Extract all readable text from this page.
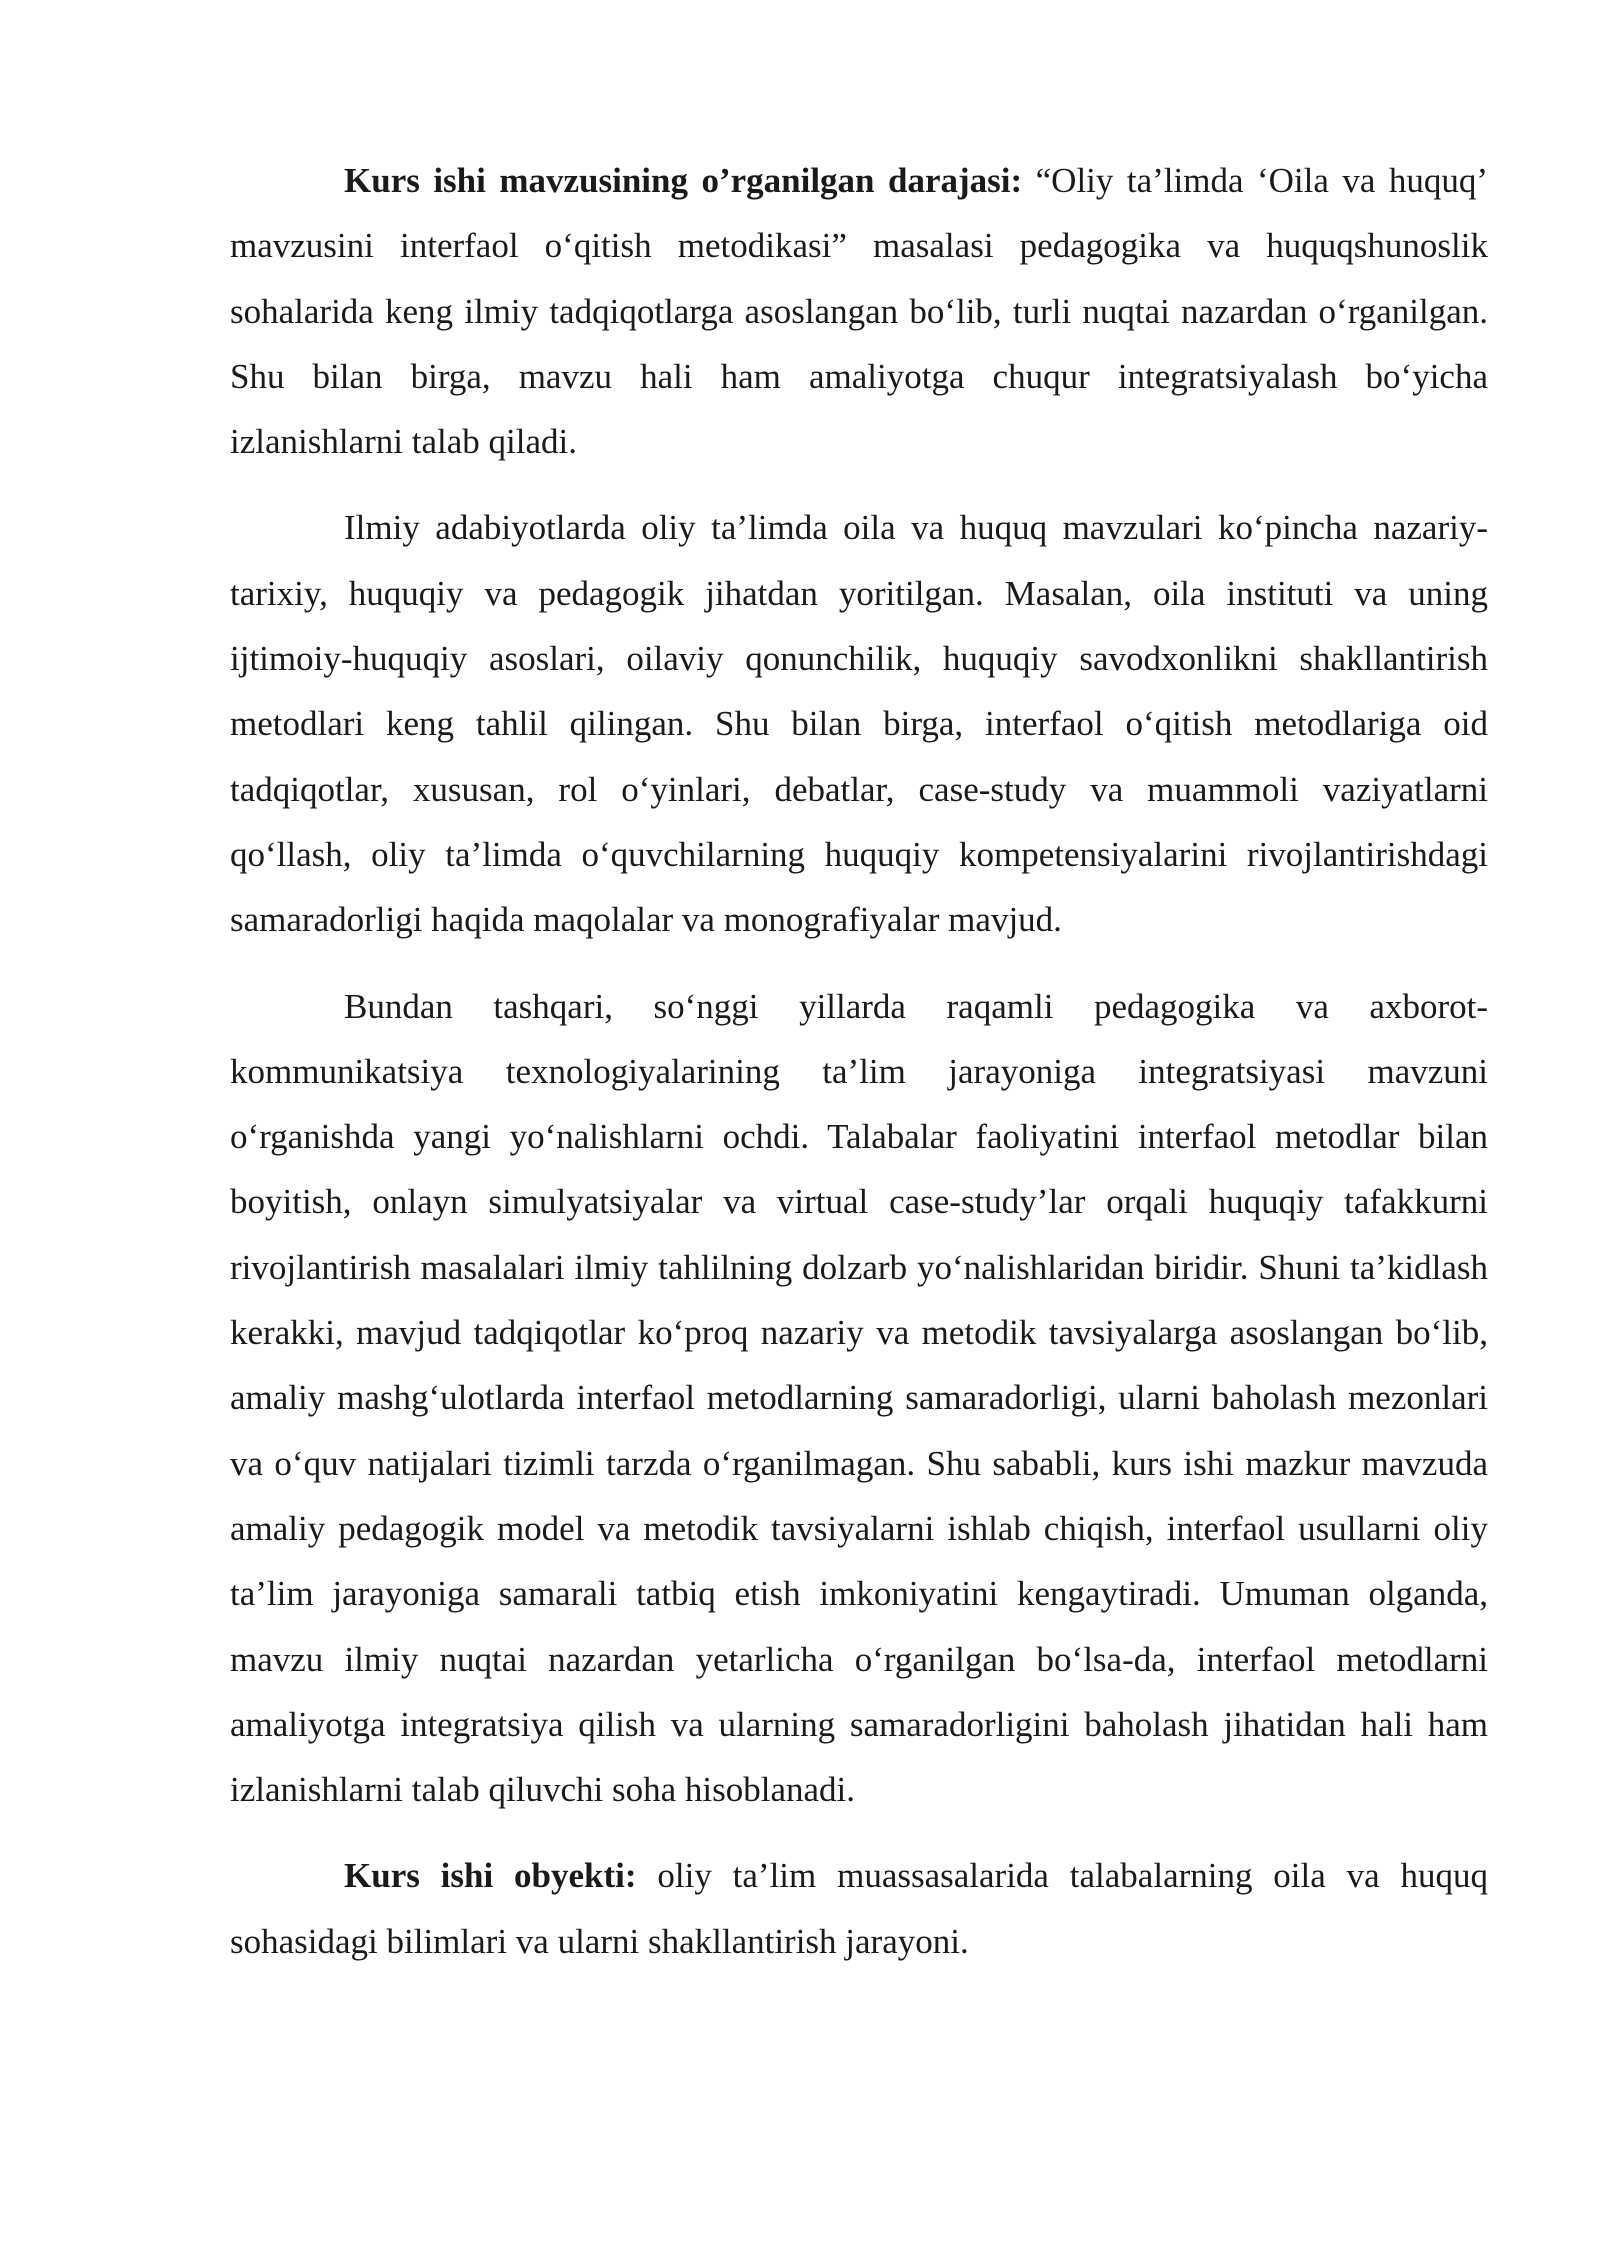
Kurs ishi mavzusining o’rganilgan darajasi: “Oliy ta’limda ‘Oila va huquq’ mavzusini interfaol o‘qitish metodikasi” masalasi pedagogika va huquqshunoslik sohalarida keng ilmiy tadqiqotlarga asoslangan bo‘lib, turli nuqtai nazardan o‘rganilgan. Shu bilan birga, mavzu hali ham amaliyotga chuqur integratsiyalash bo‘yicha izlanishlarni talab qiladi.

Ilmiy adabiyotlarda oliy ta’limda oila va huquq mavzulari ko‘pincha nazariy-tarixiy, huquqiy va pedagogik jihatdan yoritilgan. Masalan, oila instituti va uning ijtimoiy-huquqiy asoslari, oilaviy qonunchilik, huquqiy savodxonlikni shakllantirish metodlari keng tahlil qilingan. Shu bilan birga, interfaol o‘qitish metodlariga oid tadqiqotlar, xususan, rol o‘yinlari, debatlar, case-study va muammoli vaziyatlarni qo‘llash, oliy ta’limda o‘quvchilarning huquqiy kompetensiyalarini rivojlantirishdagi samaradorligi haqida maqolalar va monografiyalar mavjud.

Bundan tashqari, so‘nggi yillarda raqamli pedagogika va axborot-kommunikatsiya texnologiyalarining ta’lim jarayoniga integratsiyasi mavzuni o‘rganishda yangi yo‘nalishlarni ochdi. Talabalar faoliyatini interfaol metodlar bilan boyitish, onlayn simulyatsiyalar va virtual case-study’lar orqali huquqiy tafakkurni rivojlantirish masalalari ilmiy tahlilning dolzarb yo‘nalishlaridan biridir. Shuni ta’kidlash kerakki, mavjud tadqiqotlar ko‘proq nazariy va metodik tavsiyalarga asoslangan bo‘lib, amaliy mashg‘ulotlarda interfaol metodlarning samaradorligi, ularni baholash mezonlari va o‘quv natijalari tizimli tarzda o‘rganilmagan. Shu sababli, kurs ishi mazkur mavzuda amaliy pedagogik model va metodik tavsiyalarni ishlab chiqish, interfaol usullarni oliy ta’lim jarayoniga samarali tatbiq etish imkoniyatini kengaytiradi. Umuman olganda, mavzu ilmiy nuqtai nazardan yetarlicha o‘rganilgan bo‘lsa-da, interfaol metodlarni amaliyotga integratsiya qilish va ularning samaradorligini baholash jihatidan hali ham izlanishlarni talab qiluvchi soha hisoblanadi.

Kurs ishi obyekti: oliy ta’lim muassasalarida talabalarning oila va huquq sohasidagi bilimlari va ularni shakllantirish jarayoni.
